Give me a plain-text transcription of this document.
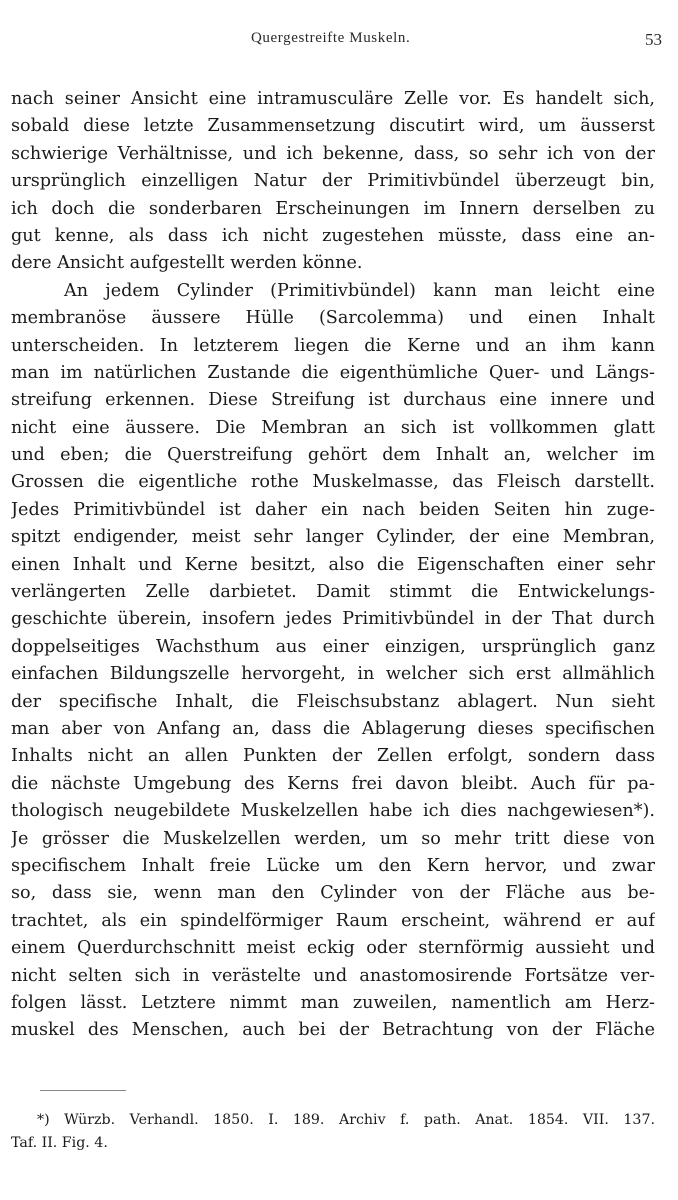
Quergestreifte Muskeln.	53
nach seiner Ansicht eine intramusculäre Zelle vor. Es handelt sich,
sobald diese letzte Zusammensetzung discutirt wird, um äusserst
schwierige Verhältnisse, und ich bekenne, dass, so sehr ich von der
ursprünglich einzelligen Natur der Primitivbündel überzeugt bin,
ich doch die sonderbaren Erscheinungen im Innern derselben zu
gut kenne, als dass ich nicht zugestehen müsste, dass eine an-
dere Ansicht aufgestellt werden könne.
An jedem Cylinder (Primitivbündel) kann man leicht eine
membranöse äussere Hülle (Sarcolemma) und einen Inhalt
unterscheiden. In letzterem liegen die Kerne und an ihm kann
man im natürlichen Zustande die eigenthümliche Quer- und Längs-
streifung erkennen. Diese Streifung ist durchaus eine innere und
nicht eine äussere. Die Membran an sich ist vollkommen glatt
und eben; die Querstreifung gehört dem Inhalt an, welcher im
Grossen die eigentliche rothe Muskelmasse, das Fleisch darstellt.
Jedes Primitivbündel ist daher ein nach beiden Seiten hin zuge-
spitzt endigender, meist sehr langer Cylinder, der eine Membran,
einen Inhalt und Kerne besitzt, also die Eigenschaften einer sehr
verlängerten Zelle darbietet. Damit stimmt die Entwickelungs-
geschichte überein, insofern jedes Primitivbündel in der That durch
doppelseitiges Wachsthum aus einer einzigen, ursprünglich ganz
einfachen Bildungszelle hervorgeht, in welcher sich erst allmählich
der specifische Inhalt, die Fleischsubstanz ablagert. Nun sieht
man aber von Anfang an, dass die Ablagerung dieses specifischen
Inhalts nicht an allen Punkten der Zellen erfolgt, sondern dass
die nächste Umgebung des Kerns frei davon bleibt. Auch für pa-
thologisch neugebildete Muskelzellen habe ich dies nachgewiesen*).
Je grösser die Muskelzellen werden, um so mehr tritt diese von
specifischem Inhalt freie Lücke um den Kern hervor, und zwar
so, dass sie, wenn man den Cylinder von der Fläche aus be-
trachtet, als ein spindelförmiger Raum erscheint, während er auf
einem Querdurchschnitt meist eckig oder sternförmig aussieht und
nicht selten sich in verästelte und anastomosirende Fortsätze ver-
folgen lässt. Letztere nimmt man zuweilen, namentlich am Herz-
muskel des Menschen, auch bei der Betrachtung von der Fläche
*) Würzb. Verhandl. 1850. I. 189. Archiv f. path. Anat. 1854. VII. 137.
Taf. II. Fig. 4.
